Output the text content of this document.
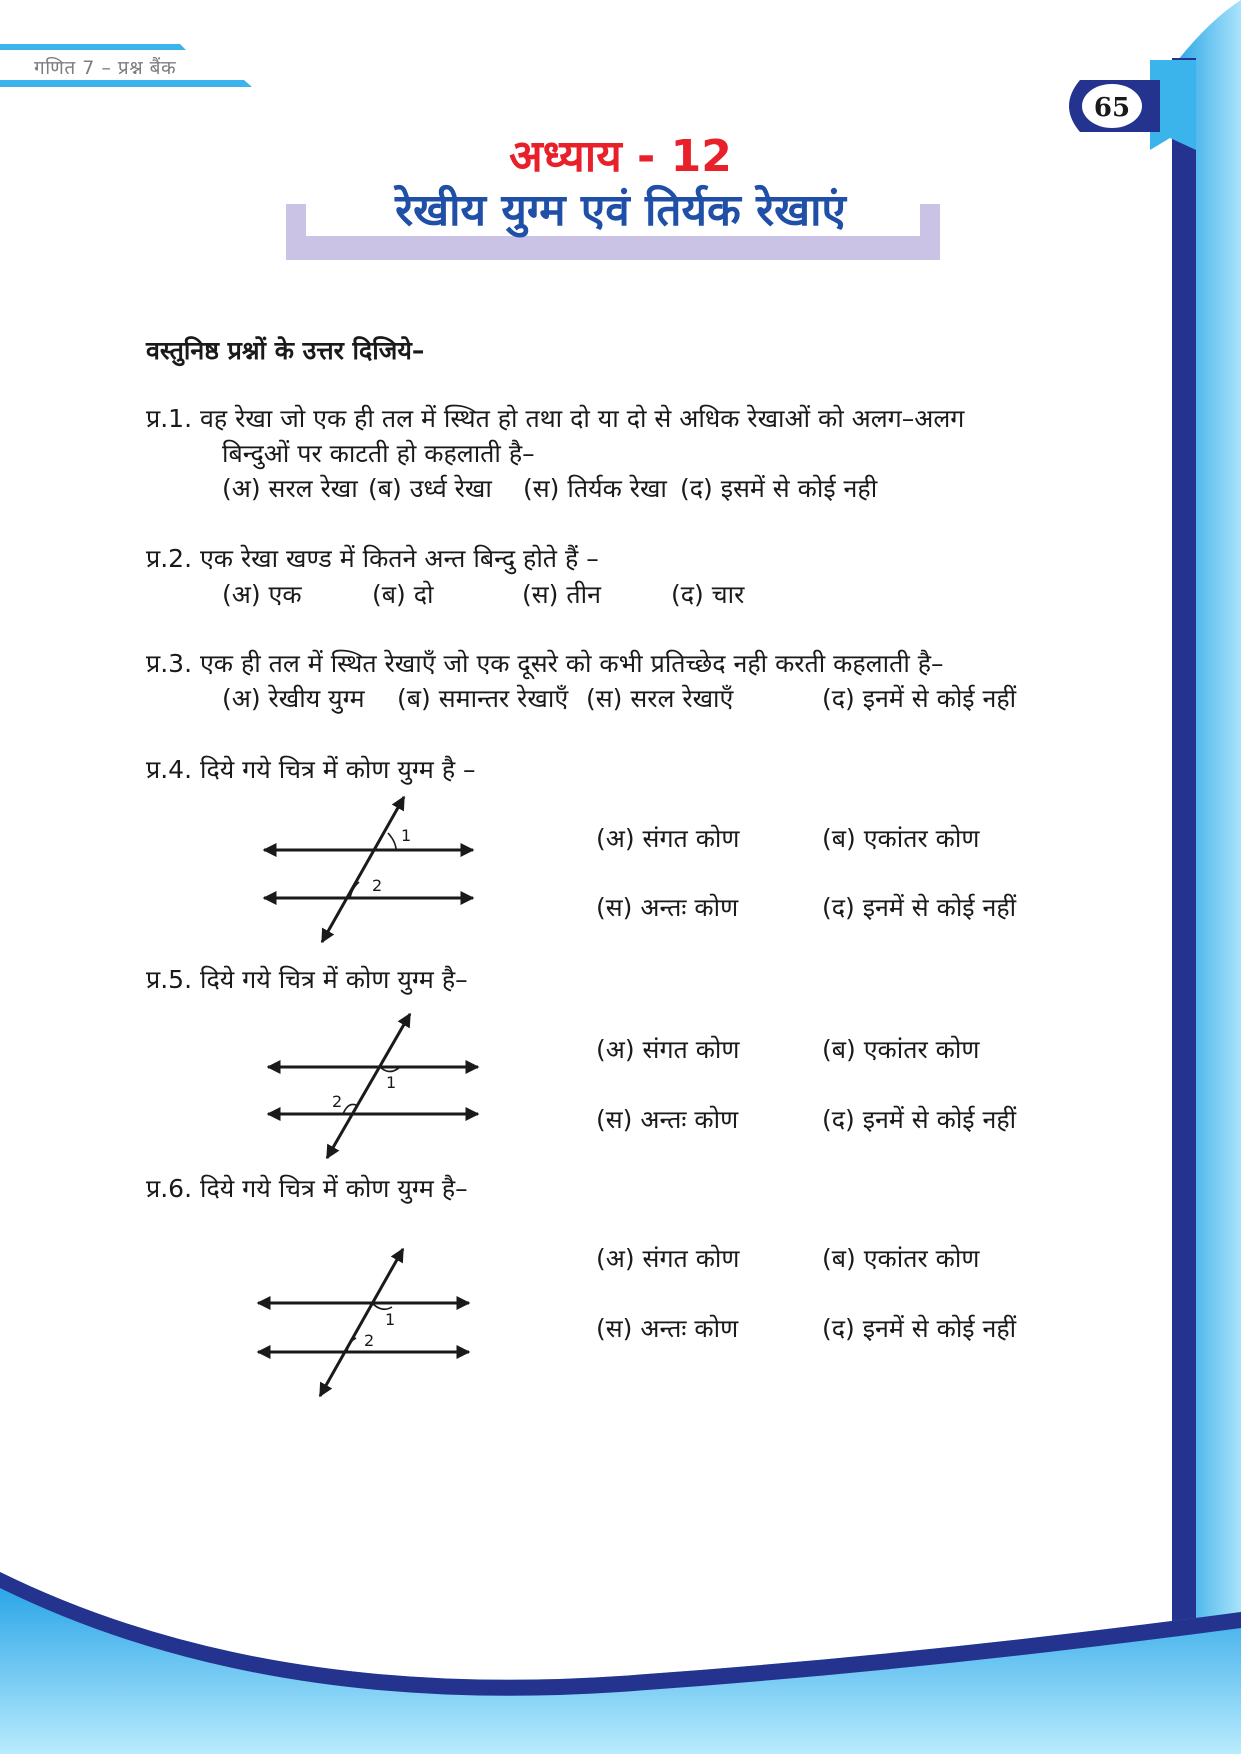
गणित 7 – प्रश्न बैंक
65
अध्याय - 12
रेखीय युग्म एवं तिर्यक रेखाएं
वस्तुनिष्ठ प्रश्नों के उत्तर दिजिये–
प्र.1. वह रेखा जो एक ही तल में स्थित हो तथा दो या दो से अधिक रेखाओं को अलग–अलग
बिन्दुओं पर काटती हो कहलाती है–
(अ) सरल रेखा (ब) उर्ध्व रेखा (स) तिर्यक रेखा (द) इसमें से कोई नही
प्र.2. एक रेखा खण्ड में कितने अन्त बिन्दु होते हैं –
(अ) एक	(ब) दो	(स) तीन	(द) चार
प्र.3. एक ही तल में स्थित रेखाएँ जो एक दूसरे को कभी प्रतिच्छेद नही करती कहलाती है–
(अ) रेखीय युग्म (ब) समान्तर रेखाएँ (स) सरल रेखाएँ	(द) इनमें से कोई नहीं
प्र.4. दिये गये चित्र में कोण युग्म है –
(अ) संगत कोण	(ब) एकांतर कोण
(स) अन्तः कोण	(द) इनमें से कोई नहीं
प्र.5. दिये गये चित्र में कोण युग्म है–
(अ) संगत कोण	(ब) एकांतर कोण
(स) अन्तः कोण	(द) इनमें से कोई नहीं
प्र.6. दिये गये चित्र में कोण युग्म है–
(अ) संगत कोण	(ब) एकांतर कोण
(स) अन्तः कोण	(द) इनमें से कोई नहीं
1
2
1
2
1
2
